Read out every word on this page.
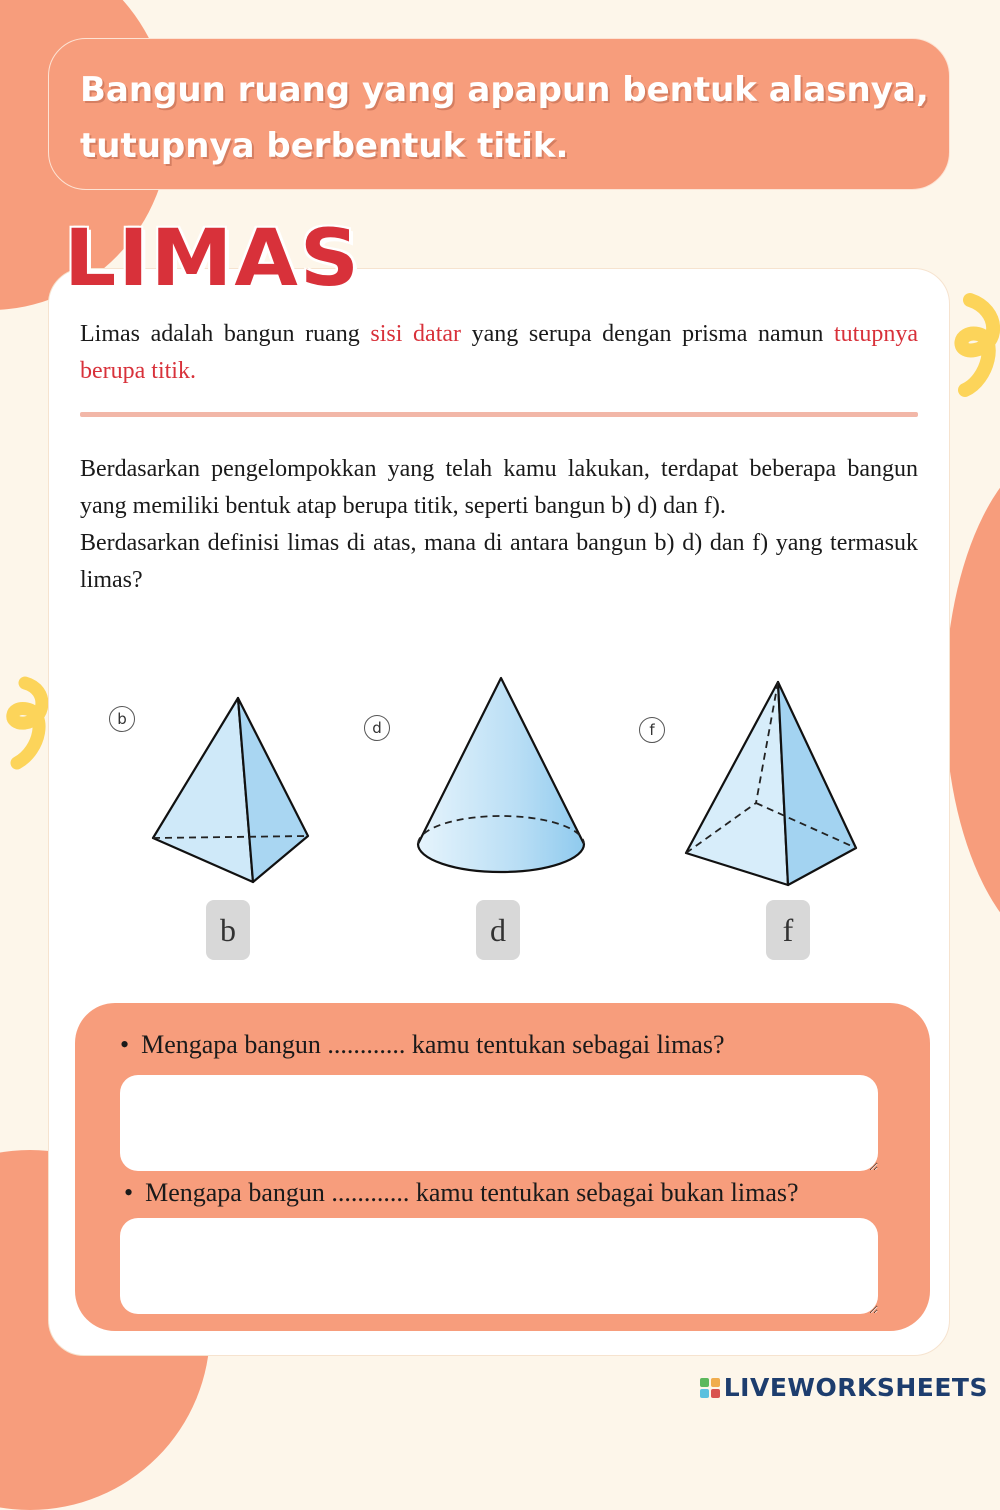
Bangun ruang yang apapun bentuk alasnya, tutupnya berbentuk titik.
LIMAS
Limas adalah bangun ruang sisi datar yang serupa dengan prisma namun tutupnya berupa titik.

Berdasarkan pengelompokkan yang telah kamu lakukan, terdapat beberapa bangun yang memiliki bentuk atap berupa titik, seperti bangun b) d) dan f).

Berdasarkan definisi limas di atas, mana di antara bangun b) d) dan f) yang termasuk limas?

b	d	f
b	d	f
• Mengapa bangun ............ kamu tentukan sebagai limas?
• Mengapa bangun ............ kamu tentukan sebagai bukan limas?
LIVEWORKSHEETS
